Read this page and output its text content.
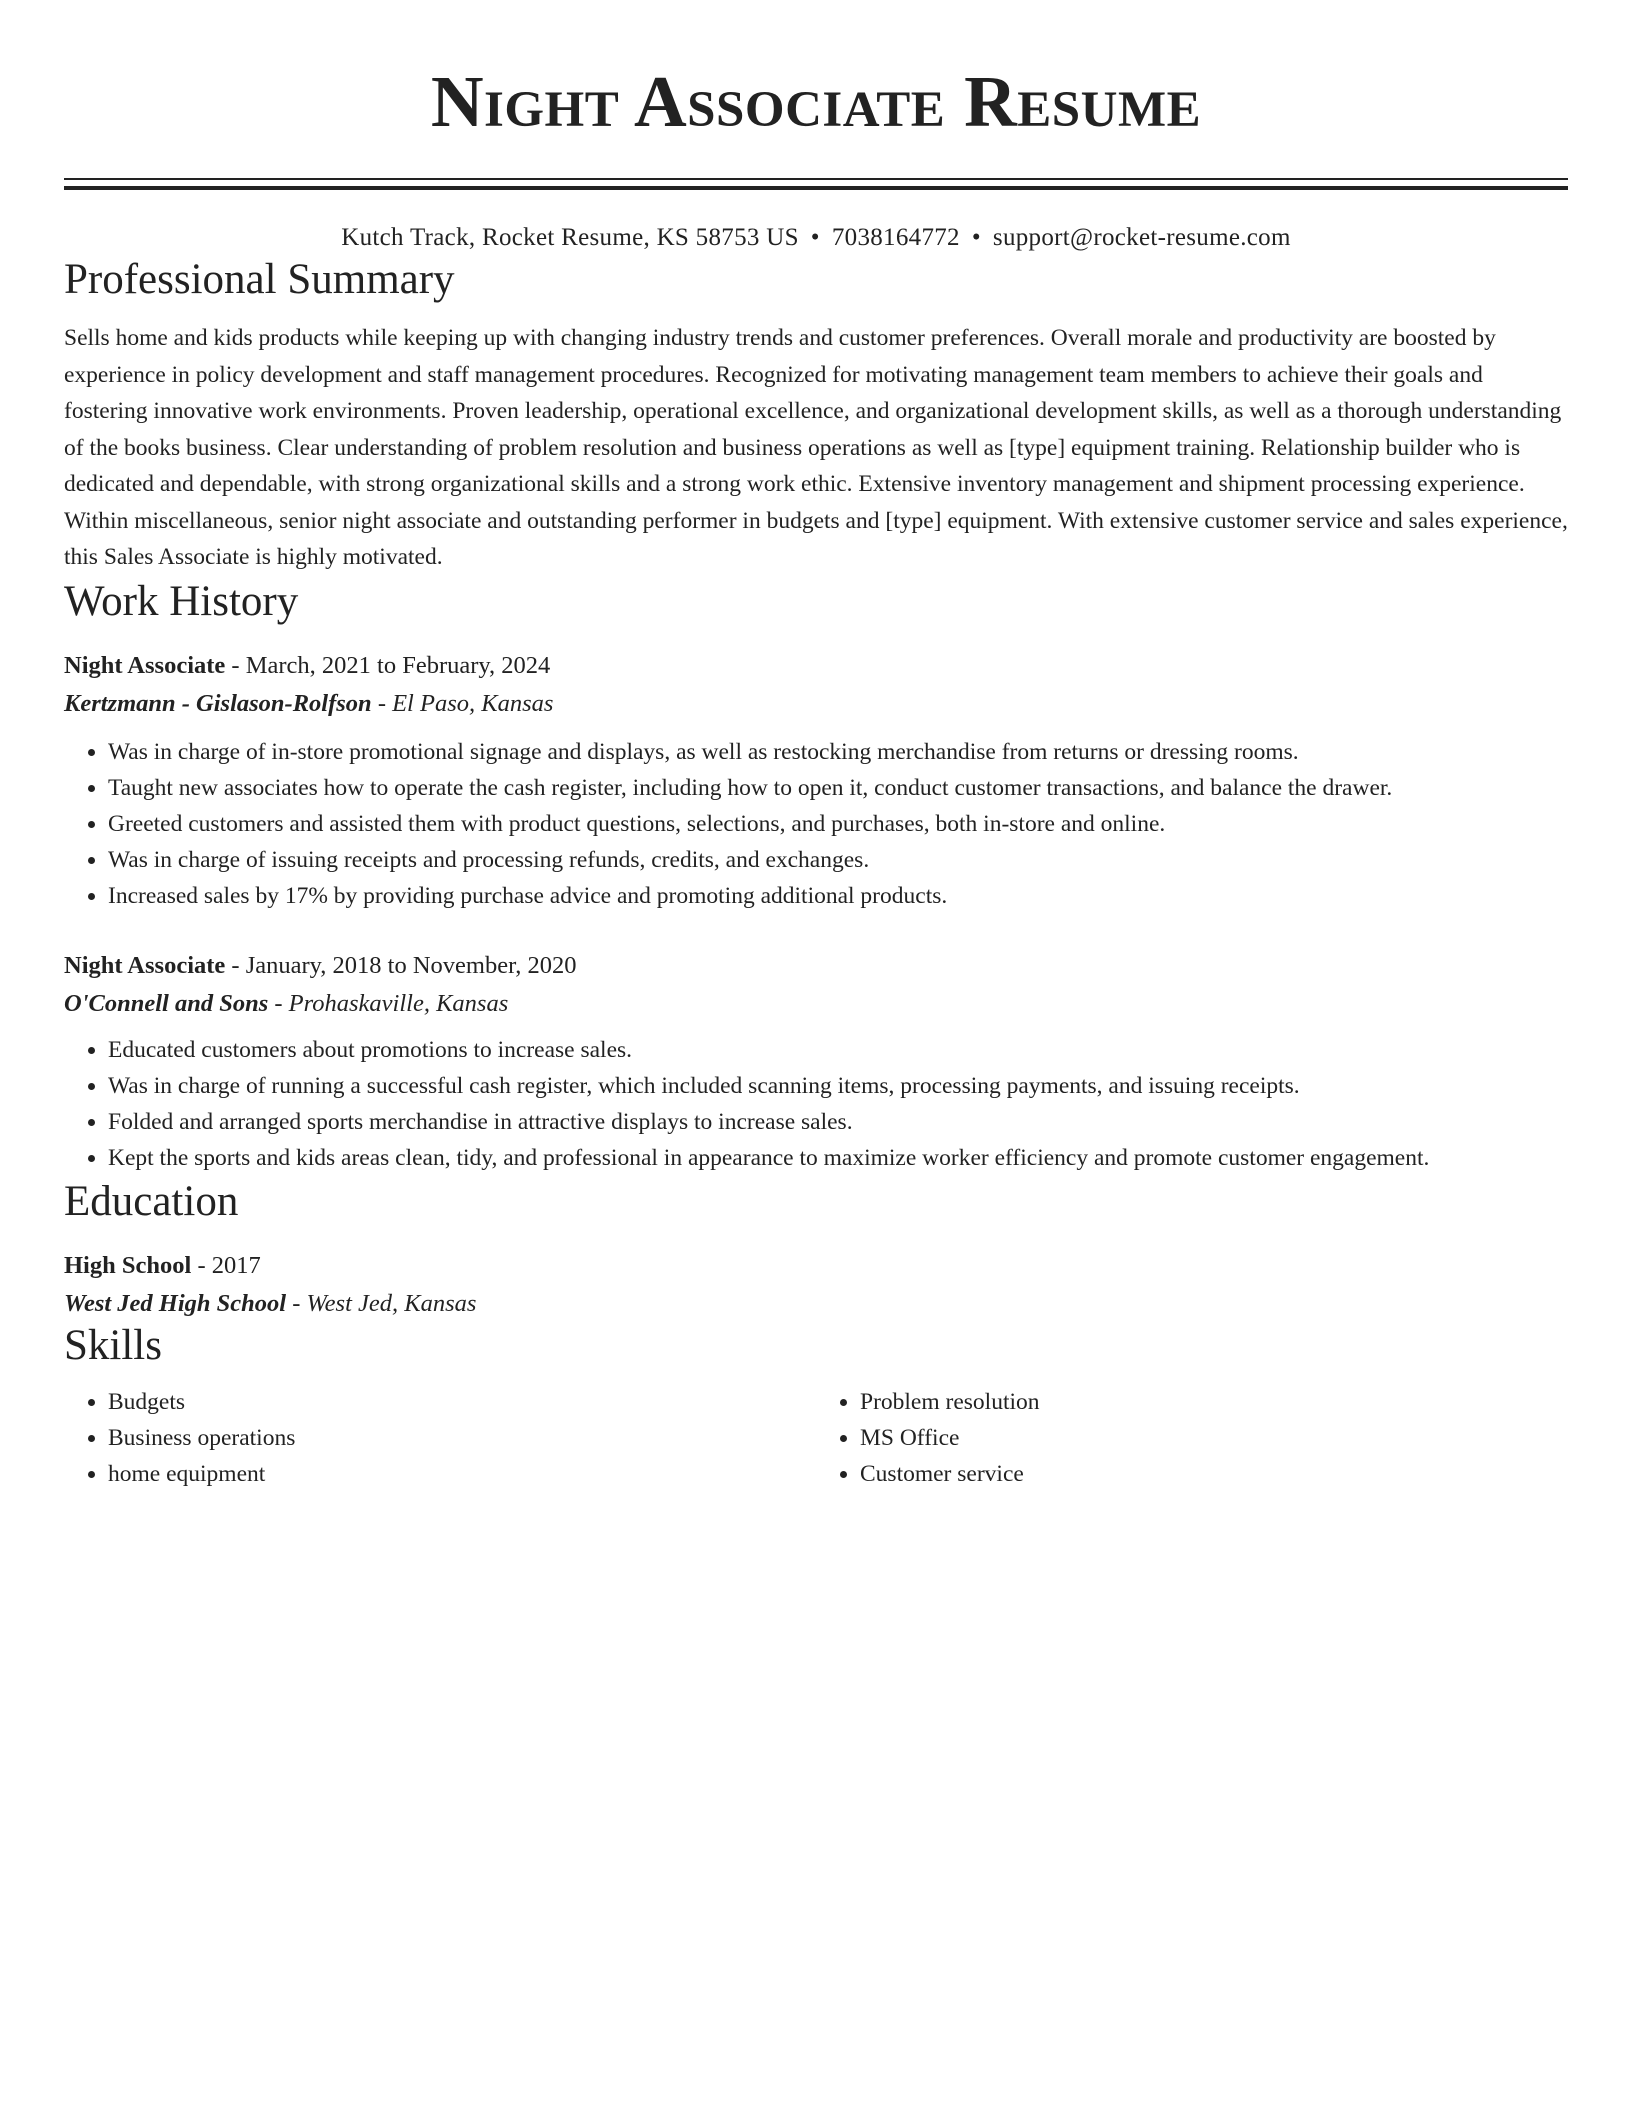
Night Associate Resume
Kutch Track, Rocket Resume, KS 58753 US • 7038164772 • support@rocket-resume.com
Professional Summary
Sells home and kids products while keeping up with changing industry trends and customer preferences. Overall morale and productivity are boosted by experience in policy development and staff management procedures. Recognized for motivating management team members to achieve their goals and fostering innovative work environments. Proven leadership, operational excellence, and organizational development skills, as well as a thorough understanding of the books business. Clear understanding of problem resolution and business operations as well as [type] equipment training. Relationship builder who is dedicated and dependable, with strong organizational skills and a strong work ethic. Extensive inventory management and shipment processing experience. Within miscellaneous, senior night associate and outstanding performer in budgets and [type] equipment. With extensive customer service and sales experience, this Sales Associate is highly motivated.
Work History
Night Associate - March, 2021 to February, 2024
Kertzmann - Gislason-Rolfson - El Paso, Kansas
• Was in charge of in-store promotional signage and displays, as well as restocking merchandise from returns or dressing rooms.
• Taught new associates how to operate the cash register, including how to open it, conduct customer transactions, and balance the drawer.
• Greeted customers and assisted them with product questions, selections, and purchases, both in-store and online.
• Was in charge of issuing receipts and processing refunds, credits, and exchanges.
• Increased sales by 17% by providing purchase advice and promoting additional products.
Night Associate - January, 2018 to November, 2020
O'Connell and Sons - Prohaskaville, Kansas
• Educated customers about promotions to increase sales.
• Was in charge of running a successful cash register, which included scanning items, processing payments, and issuing receipts.
• Folded and arranged sports merchandise in attractive displays to increase sales.
• Kept the sports and kids areas clean, tidy, and professional in appearance to maximize worker efficiency and promote customer engagement.
Education
High School - 2017
West Jed High School - West Jed, Kansas
Skills
• Budgets
• Business operations
• home equipment
• Problem resolution
• MS Office
• Customer service
